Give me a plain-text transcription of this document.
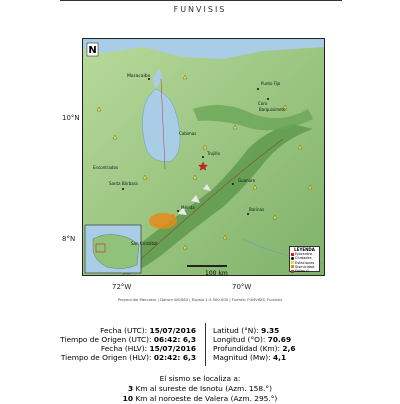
FUNVISIS
10°N
8°N
72°W	70°W
N
Maracaibo
Punto Fijo
Coro
Cabimas
Barquisimeto
Trujillo
Guanare
Barinas
Mérida
San Cristóbal
Santa Bárbara
Encontrados
100 km
LEYENDA
Epicentro
Ciudades
Estaciones
Sismicidad
Fallas G
Proyección Mercator | Datum WGS84 | Escala 1:3.500.000 | Fuente: FUNVISIS, Funvisis
Fecha (UTC): 15/07/2016
Tiempo de Origen (UTC): 06:42: 6,3
Fecha (HLV): 15/07/2016
Tiempo de Origen (HLV): 02:42: 6,3
Latitud (°N): 9.35
Longitud (°O): 70.69
Profundidad (Km): 2,6
Magnitud (Mw): 4,1
El sismo se localiza a:
3 Km al sureste de Isnotu (Azm. 158.°)
10 Km al noroeste de Valera (Azm. 295.°)
